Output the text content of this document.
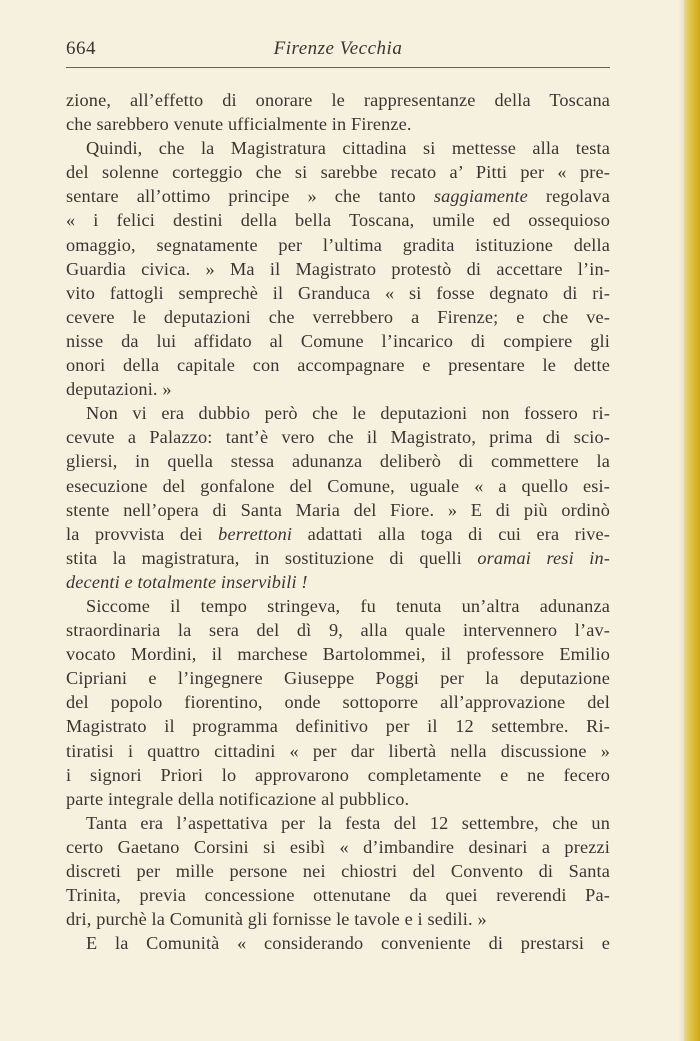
664	Firenze Vecchia
zione, all’effetto di onorare le rappresentanze della Toscana
che sarebbero venute ufficialmente in Firenze.
Quindi, che la Magistratura cittadina si mettesse alla testa
del solenne corteggio che si sarebbe recato a’ Pitti per « pre-
sentare all’ottimo principe » che tanto saggiamente regolava
« i felici destini della bella Toscana, umile ed ossequioso
omaggio, segnatamente per l’ultima gradita istituzione della
Guardia civica. » Ma il Magistrato protestò di accettare l’in-
vito fattogli semprechè il Granduca « si fosse degnato di ri-
cevere le deputazioni che verrebbero a Firenze; e che ve-
nisse da lui affidato al Comune l’incarico di compiere gli
onori della capitale con accompagnare e presentare le dette
deputazioni. »
Non vi era dubbio però che le deputazioni non fossero ri-
cevute a Palazzo: tant’è vero che il Magistrato, prima di scio-
gliersi, in quella stessa adunanza deliberò di commettere la
esecuzione del gonfalone del Comune, uguale « a quello esi-
stente nell’opera di Santa Maria del Fiore. » E di più ordinò
la provvista dei berrettoni adattati alla toga di cui era rive-
stita la magistratura, in sostituzione di quelli oramai resi in-
decenti e totalmente inservibili !
Siccome il tempo stringeva, fu tenuta un’altra adunanza
straordinaria la sera del dì 9, alla quale intervennero l’av-
vocato Mordini, il marchese Bartolommei, il professore Emilio
Cipriani e l’ingegnere Giuseppe Poggi per la deputazione
del popolo fiorentino, onde sottoporre all’approvazione del
Magistrato il programma definitivo per il 12 settembre. Ri-
tiratisi i quattro cittadini « per dar libertà nella discussione »
i signori Priori lo approvarono completamente e ne fecero
parte integrale della notificazione al pubblico.
Tanta era l’aspettativa per la festa del 12 settembre, che un
certo Gaetano Corsini si esibì « d’imbandire desinari a prezzi
discreti per mille persone nei chiostri del Convento di Santa
Trinita, previa concessione ottenutane da quei reverendi Pa-
dri, purchè la Comunità gli fornisse le tavole e i sedili. »
E la Comunità « considerando conveniente di prestarsi e
